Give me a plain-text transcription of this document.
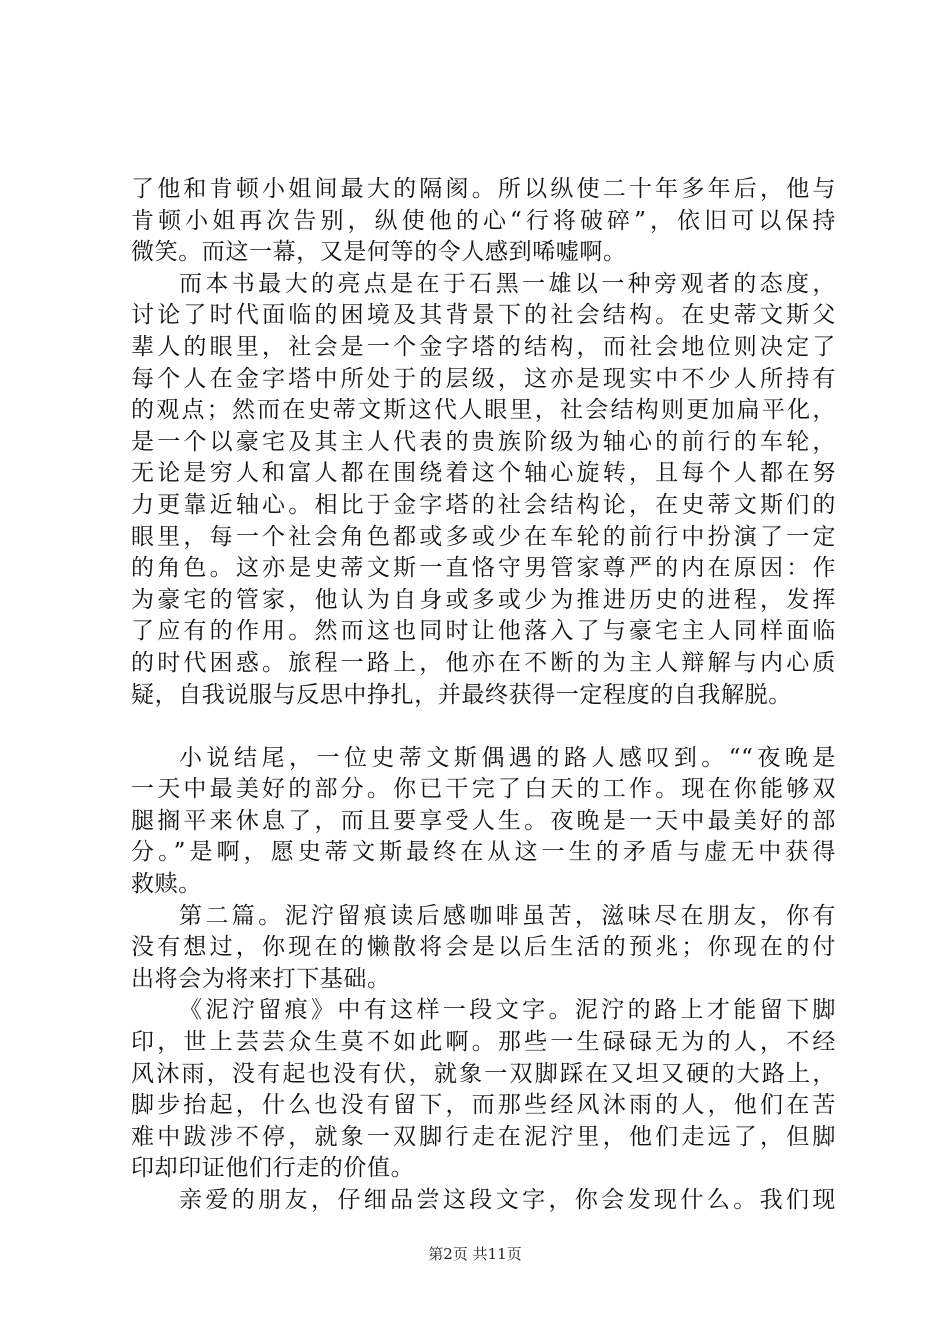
了他和肯顿小姐间最大的隔阂。所以纵使二十年多年后，他与
肯顿小姐再次告别，纵使他的心“行将破碎”，依旧可以保持
微笑。而这一幕，又是何等的令人感到唏嘘啊。
而本书最大的亮点是在于石黑一雄以一种旁观者的态度，
讨论了时代面临的困境及其背景下的社会结构。在史蒂文斯父
辈人的眼里，社会是一个金字塔的结构，而社会地位则决定了
每个人在金字塔中所处于的层级，这亦是现实中不少人所持有
的观点；然而在史蒂文斯这代人眼里，社会结构则更加扁平化，
是一个以豪宅及其主人代表的贵族阶级为轴心的前行的车轮，
无论是穷人和富人都在围绕着这个轴心旋转，且每个人都在努
力更靠近轴心。相比于金字塔的社会结构论，在史蒂文斯们的
眼里，每一个社会角色都或多或少在车轮的前行中扮演了一定
的角色。这亦是史蒂文斯一直恪守男管家尊严的内在原因：作
为豪宅的管家，他认为自身或多或少为推进历史的进程，发挥
了应有的作用。然而这也同时让他落入了与豪宅主人同样面临
的时代困惑。旅程一路上，他亦在不断的为主人辩解与内心质
疑，自我说服与反思中挣扎，并最终获得一定程度的自我解脱。
小说结尾，一位史蒂文斯偶遇的路人感叹到。““夜晚是
一天中最美好的部分。你已干完了白天的工作。现在你能够双
腿搁平来休息了，而且要享受人生。夜晚是一天中最美好的部
分。”是啊，愿史蒂文斯最终在从这一生的矛盾与虚无中获得
救赎。
第二篇。泥泞留痕读后感咖啡虽苦，滋味尽在朋友，你有
没有想过，你现在的懒散将会是以后生活的预兆；你现在的付
出将会为将来打下基础。
《泥泞留痕》中有这样一段文字。泥泞的路上才能留下脚
印，世上芸芸众生莫不如此啊。那些一生碌碌无为的人，不经
风沐雨，没有起也没有伏，就象一双脚踩在又坦又硬的大路上，
脚步抬起，什么也没有留下，而那些经风沐雨的人，他们在苦
难中跋涉不停，就象一双脚行走在泥泞里，他们走远了，但脚
印却印证他们行走的价值。
亲爱的朋友，仔细品尝这段文字，你会发现什么。我们现
第2页 共11页
